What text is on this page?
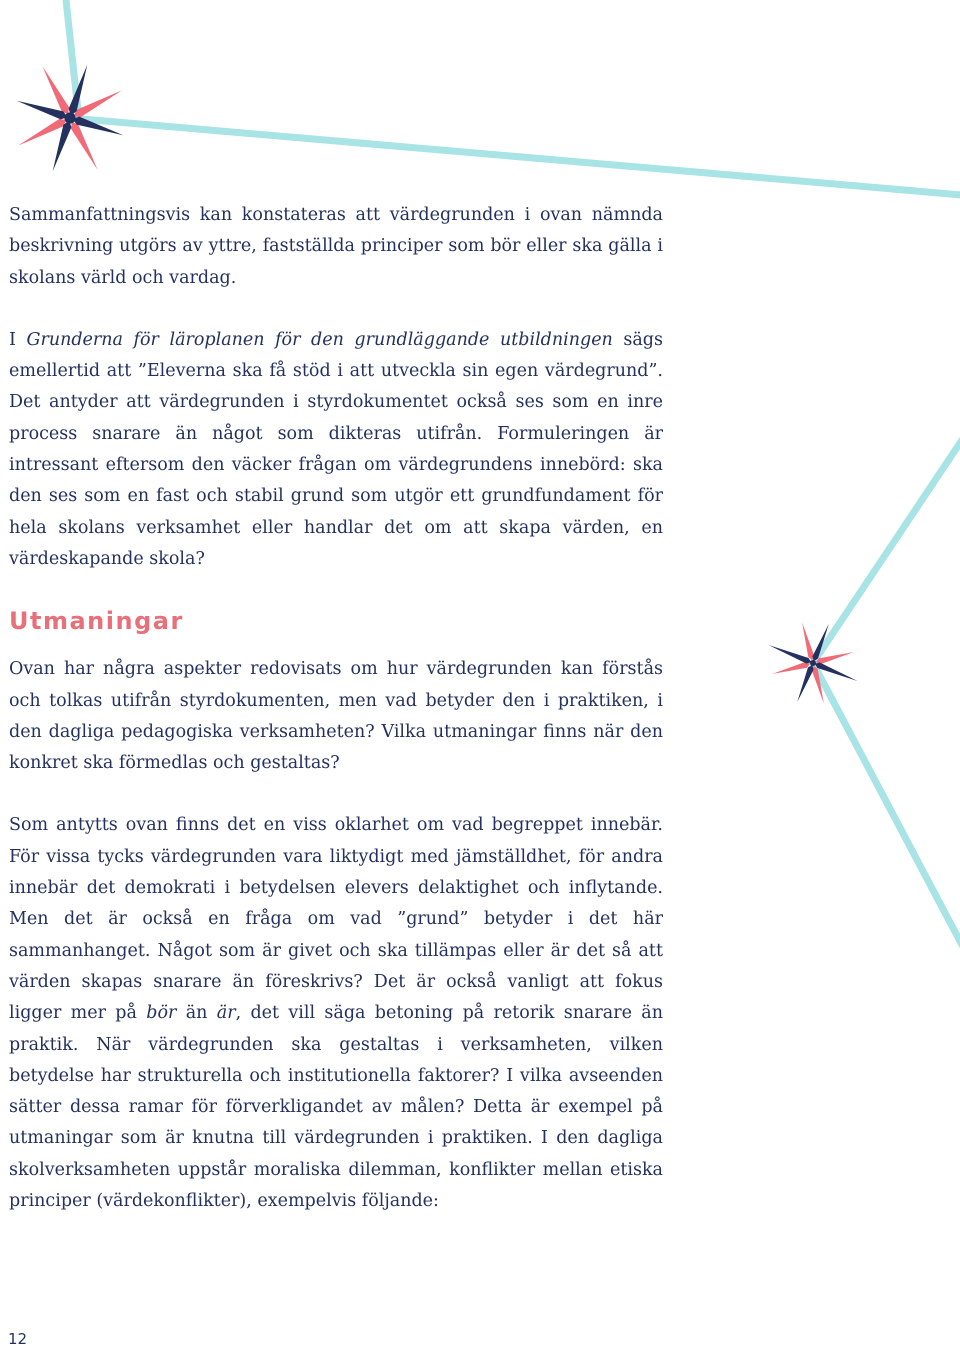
Sammanfattningsvis kan konstateras att värdegrunden i ovan nämnda beskrivning utgörs av yttre, fastställda principer som bör eller ska gälla i skolans värld och vardag.

I Grunderna för läroplanen för den grundläggande utbildningen sägs emellertid att ”Eleverna ska få stöd i att utveckla sin egen värdegrund”. Det antyder att värdegrunden i styrdokumentet också ses som en inre process snarare än något som dikteras utifrån. Formuleringen är intressant eftersom den väcker frågan om värdegrundens innebörd: ska den ses som en fast och stabil grund som utgör ett grundfundament för hela skolans verksamhet eller handlar det om att skapa värden, en värdeskapande skola?

Utmaningar

Ovan har några aspekter redovisats om hur värdegrunden kan förstås och tolkas utifrån styrdokumenten, men vad betyder den i praktiken, i den dagliga pedagogiska verksamheten? Vilka utmaningar finns när den konkret ska förmedlas och gestaltas?

Som antytts ovan finns det en viss oklarhet om vad begreppet innebär. För vissa tycks värdegrunden vara liktydigt med jämställdhet, för andra innebär det demokrati i betydelsen elevers delaktighet och inflytande. Men det är också en fråga om vad ”grund” betyder i det här sammanhanget. Något som är givet och ska tillämpas eller är det så att värden skapas snarare än föreskrivs? Det är också vanligt att fokus ligger mer på bör än är, det vill säga betoning på retorik snarare än praktik. När värdegrunden ska gestaltas i verksamheten, vilken betydelse har strukturella och institutionella faktorer? I vilka avseenden sätter dessa ramar för förverkligandet av målen? Detta är exempel på utmaningar som är knutna till värdegrunden i praktiken. I den dagliga skolverksamheten uppstår moraliska dilemman, konflikter mellan etiska principer (värdekonflikter), exempelvis följande:

12
